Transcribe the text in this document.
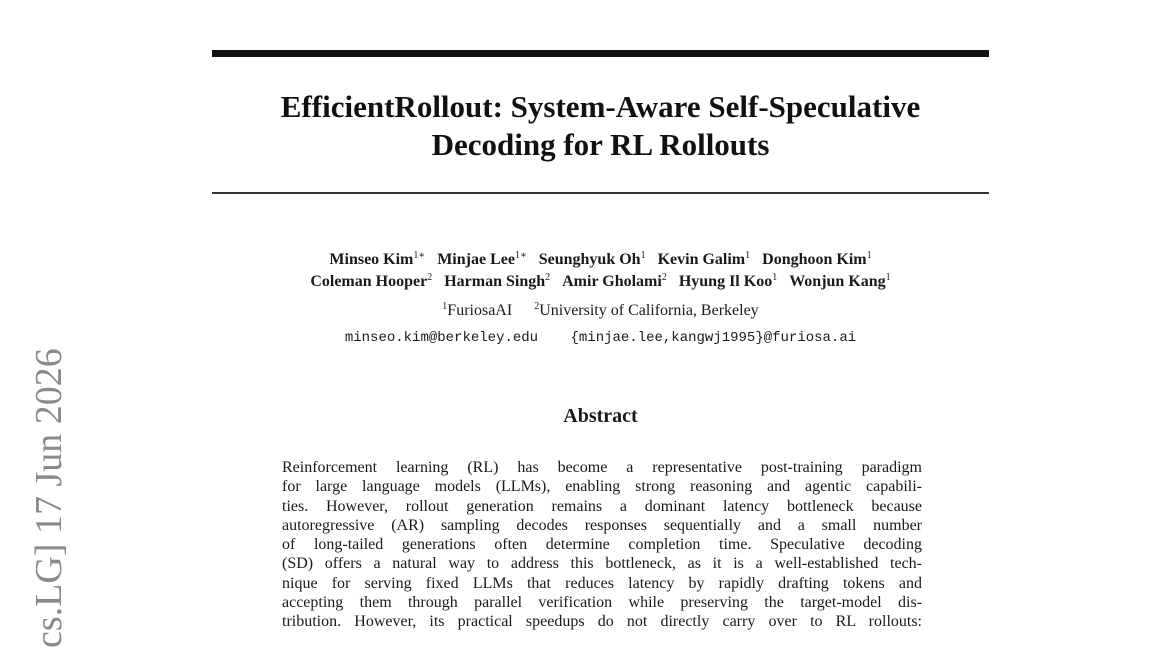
EfficientRollout: System-Aware Self-Speculative
Decoding for RL Rollouts
Minseo Kim$^{1∗}$ Minjae Lee$^{1∗}$ Seunghyuk Oh$^1$ Kevin Galim$^1$ Donghoon Kim$^1$
Coleman Hooper$^2$ Harman Singh$^2$ Amir Gholami$^2$ Hyung Il Koo$^1$ Wonjun Kang$^1$
$^1$FuriosaAI $^2$University of California, Berkeley
minseo.kim@berkeley.edu {minjae.lee,kangwj1995}@furiosa.ai
Abstract
Reinforcement learning (RL) has become a representative post-training paradigm
for large language models (LLMs), enabling strong reasoning and agentic capabili-
ties. However, rollout generation remains a dominant latency bottleneck because
autoregressive (AR) sampling decodes responses sequentially and a small number
of long-tailed generations often determine completion time. Speculative decoding
(SD) offers a natural way to address this bottleneck, as it is a well-established tech-
nique for serving fixed LLMs that reduces latency by rapidly drafting tokens and
accepting them through parallel verification while preserving the target-model dis-
tribution. However, its practical speedups do not directly carry over to RL rollouts:
cs.LG] 17 Jun 2026
